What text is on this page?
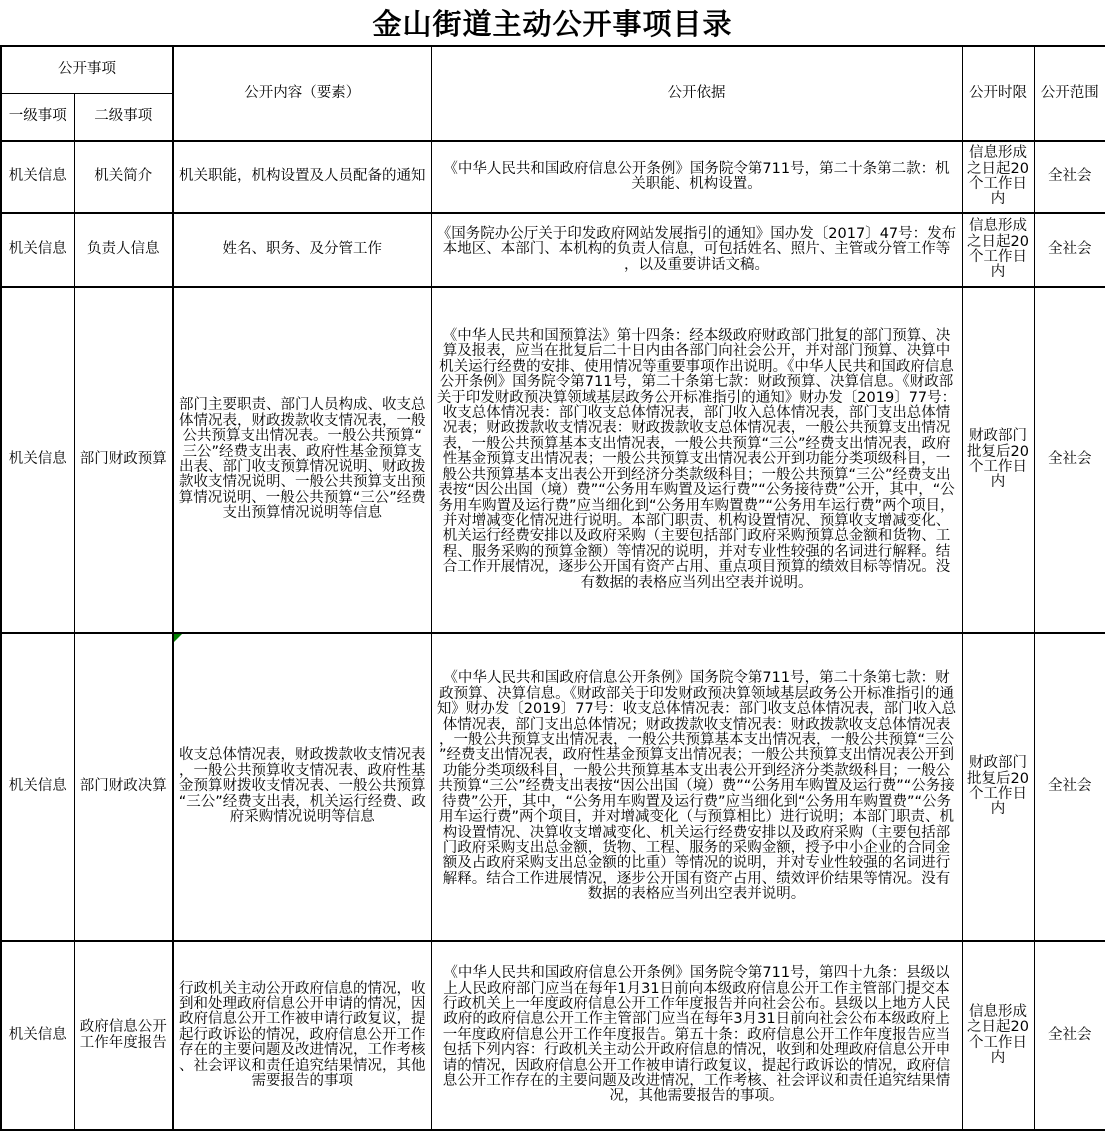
金山街道主动公开事项目录
公开事项		公开内容（要素）	公开依据	公开时限	公开范围
一级事项	二级事项				
机关信息	机关简介	机关职能，机构设置及人员配备的通知	《中华人民共和国政府信息公开条例》国务院令第711号，第二十条第二款：机关职能、机构设置。	信息形成之日起20个工作日内	全社会
机关信息	负责人信息	姓名、职务、及分管工作	《国务院办公厅关于印发政府网站发展指引的通知》国办发〔2017〕47号：发布本地区、本部门、本机构的负责人信息，可包括姓名、照片、主管或分管工作等，以及重要讲话文稿。	信息形成之日起20个工作日内	全社会
机关信息	部门财政预算	部门主要职责、部门人员构成、收支总体情况表，财政拨款收支情况表，一般公共预算支出情况表。一般公共预算“三公”经费支出表、政府性基金预算支出表、部门收支预算情况说明、财政拨款收支情况说明、一般公共预算支出预算情况说明、一般公共预算“三公”经费支出预算情况说明等信息	《中华人民共和国预算法》第十四条：经本级政府财政部门批复的部门预算、决算及报表，应当在批复后二十日内由各部门向社会公开，并对部门预算、决算中机关运行经费的安排、使用情况等重要事项作出说明。《中华人民共和国政府信息公开条例》国务院令第711号，第二十条第七款：财政预算、决算信息。《财政部关于印发财政预决算领域基层政务公开标准指引的通知》财办发〔2019〕77号：收支总体情况表：部门收支总体情况表，部门收入总体情况表，部门支出总体情况表；财政拨款收支情况表：财政拨款收支总体情况表，一般公共预算支出情况表，一般公共预算基本支出情况表，一般公共预算“三公”经费支出情况表，政府性基金预算支出情况表；一般公共预算支出情况表公开到功能分类项级科目，一般公共预算基本支出表公开到经济分类款级科目；一般公共预算“三公”经费支出表按“因公出国（境）费”“公务用车购置及运行费”“公务接待费”公开，其中，“公务用车购置及运行费”应当细化到“公务用车购置费”“公务用车运行费”两个项目，并对增减变化情况进行说明。本部门职责、机构设置情况、预算收支增减变化、机关运行经费安排以及政府采购（主要包括部门政府采购预算总金额和货物、工程、服务采购的预算金额）等情况的说明，并对专业性较强的名词进行解释。结合工作开展情况，逐步公开国有资产占用、重点项目预算的绩效目标等情况。没有数据的表格应当列出空表并说明。	财政部门批复后20个工作日内	全社会
机关信息	部门财政决算	收支总体情况表，财政拨款收支情况表，一般公共预算收支情况表、政府性基金预算财拨收支情况表、一般公共预算“三公”经费支出表，机关运行经费、政府采购情况说明等信息	《中华人民共和国政府信息公开条例》国务院令第711号，第二十条第七款：财政预算、决算信息。《财政部关于印发财政预决算领域基层政务公开标准指引的通知》财办发〔2019〕77号：收支总体情况表：部门收支总体情况表，部门收入总体情况表，部门支出总体情况；财政拨款收支情况表：财政拨款收支总体情况表，一般公共预算支出情况表，一般公共预算基本支出情况表，一般公共预算“三公”经费支出情况表，政府性基金预算支出情况表；一般公共预算支出情况表公开到功能分类项级科目，一般公共预算基本支出表公开到经济分类款级科目；一般公共预算“三公”经费支出表按“因公出国（境）费”“公务用车购置及运行费”“公务接待费”公开，其中，“公务用车购置及运行费”应当细化到“公务用车购置费”“公务用车运行费”两个项目，并对增减变化（与预算相比）进行说明；本部门职责、机构设置情况、决算收支增减变化、机关运行经费安排以及政府采购（主要包括部门政府采购支出总金额，货物、工程、服务的采购金额，授予中小企业的合同金额及占政府采购支出总金额的比重）等情况的说明，并对专业性较强的名词进行解释。结合工作进展情况，逐步公开国有资产占用、绩效评价结果等情况。没有数据的表格应当列出空表并说明。	财政部门批复后20个工作日内	全社会
机关信息	政府信息公开工作年度报告	行政机关主动公开政府信息的情况，收到和处理政府信息公开申请的情况，因政府信息公开工作被申请行政复议，提起行政诉讼的情况，政府信息公开工作存在的主要问题及改进情况，工作考核、社会评议和责任追究结果情况，其他需要报告的事项	《中华人民共和国政府信息公开条例》国务院令第711号，第四十九条：县级以上人民政府部门应当在每年1月31日前向本级政府信息公开工作主管部门提交本行政机关上一年度政府信息公开工作年度报告并向社会公布。县级以上地方人民政府的政府信息公开工作主管部门应当在每年3月31日前向社会公布本级政府上一年度政府信息公开工作年度报告。第五十条：政府信息公开工作年度报告应当包括下列内容：行政机关主动公开政府信息的情况，收到和处理政府信息公开申请的情况，因政府信息公开工作被申请行政复议，提起行政诉讼的情况，政府信息公开工作存在的主要问题及改进情况，工作考核、社会评议和责任追究结果情况，其他需要报告的事项。	信息形成之日起20个工作日内	全社会
